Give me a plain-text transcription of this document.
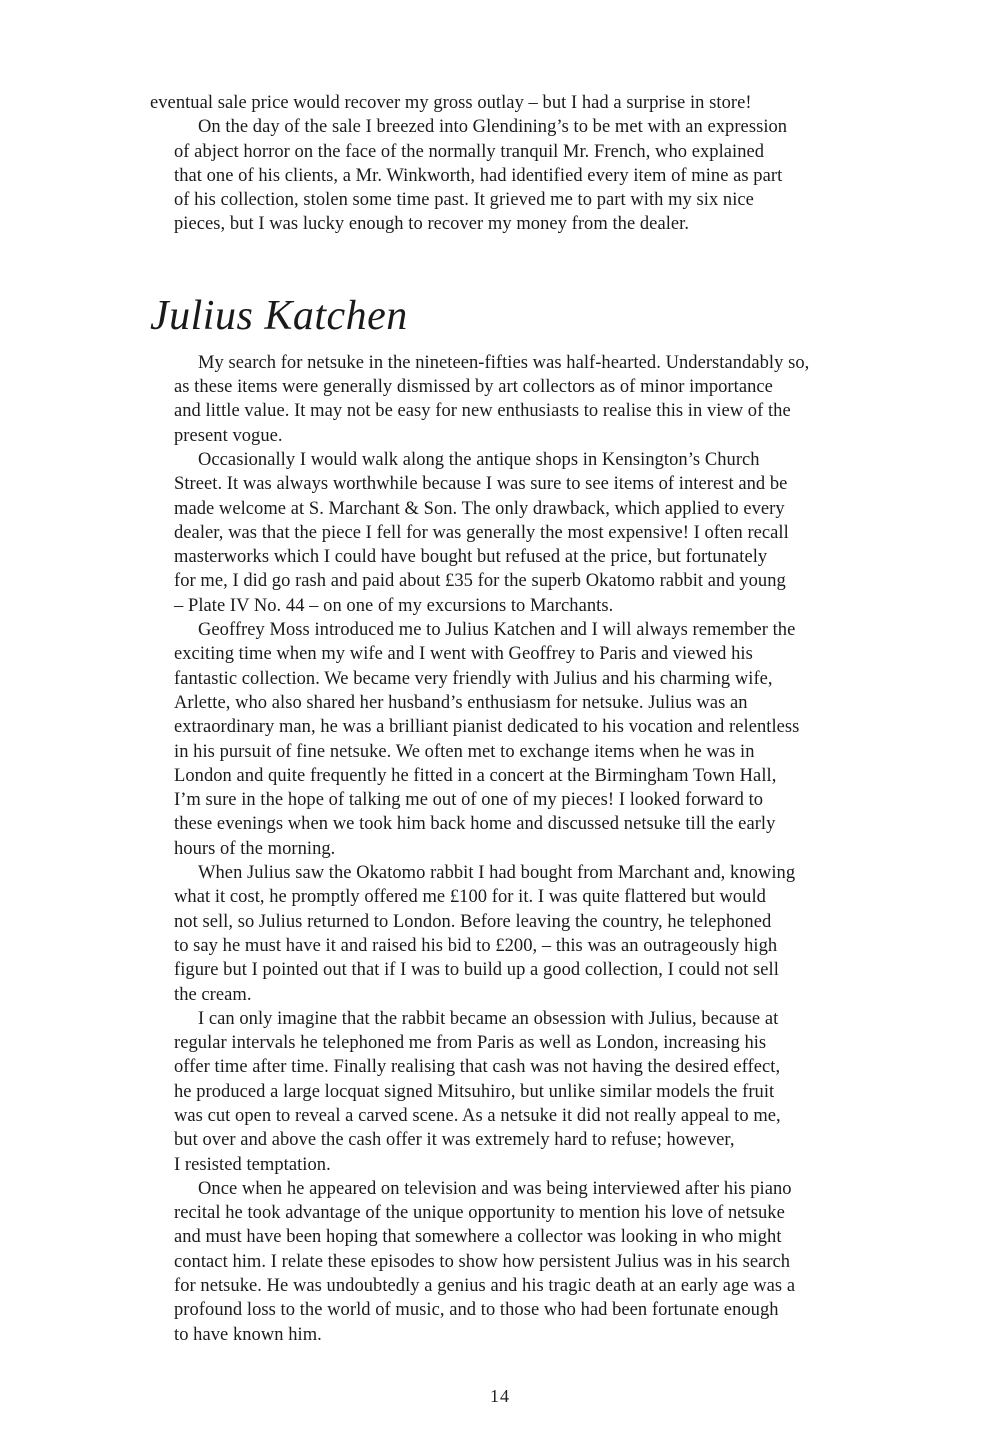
eventual sale price would recover my gross outlay – but I had a surprise in store!

On the day of the sale I breezed into Glendining’s to be met with an expression
of abject horror on the face of the normally tranquil Mr. French, who explained
that one of his clients, a Mr. Winkworth, had identified every item of mine as part
of his collection, stolen some time past. It grieved me to part with my six nice
pieces, but I was lucky enough to recover my money from the dealer.

Julius Katchen

My search for netsuke in the nineteen-fifties was half-hearted. Understandably so,
as these items were generally dismissed by art collectors as of minor importance
and little value. It may not be easy for new enthusiasts to realise this in view of the
present vogue.

Occasionally I would walk along the antique shops in Kensington’s Church
Street. It was always worthwhile because I was sure to see items of interest and be
made welcome at S. Marchant & Son. The only drawback, which applied to every
dealer, was that the piece I fell for was generally the most expensive! I often recall
masterworks which I could have bought but refused at the price, but fortunately
for me, I did go rash and paid about £35 for the superb Okatomo rabbit and young
– Plate IV No. 44 – on one of my excursions to Marchants.

Geoffrey Moss introduced me to Julius Katchen and I will always remember the
exciting time when my wife and I went with Geoffrey to Paris and viewed his
fantastic collection. We became very friendly with Julius and his charming wife,
Arlette, who also shared her husband’s enthusiasm for netsuke. Julius was an
extraordinary man, he was a brilliant pianist dedicated to his vocation and relentless
in his pursuit of fine netsuke. We often met to exchange items when he was in
London and quite frequently he fitted in a concert at the Birmingham Town Hall,
I’m sure in the hope of talking me out of one of my pieces! I looked forward to
these evenings when we took him back home and discussed netsuke till the early
hours of the morning.

When Julius saw the Okatomo rabbit I had bought from Marchant and, knowing
what it cost, he promptly offered me £100 for it. I was quite flattered but would
not sell, so Julius returned to London. Before leaving the country, he telephoned
to say he must have it and raised his bid to £200, – this was an outrageously high
figure but I pointed out that if I was to build up a good collection, I could not sell
the cream.

I can only imagine that the rabbit became an obsession with Julius, because at
regular intervals he telephoned me from Paris as well as London, increasing his
offer time after time. Finally realising that cash was not having the desired effect,
he produced a large locquat signed Mitsuhiro, but unlike similar models the fruit
was cut open to reveal a carved scene. As a netsuke it did not really appeal to me,
but over and above the cash offer it was extremely hard to refuse; however,
I resisted temptation.

Once when he appeared on television and was being interviewed after his piano
recital he took advantage of the unique opportunity to mention his love of netsuke
and must have been hoping that somewhere a collector was looking in who might
contact him. I relate these episodes to show how persistent Julius was in his search
for netsuke. He was undoubtedly a genius and his tragic death at an early age was a
profound loss to the world of music, and to those who had been fortunate enough
to have known him.

14
